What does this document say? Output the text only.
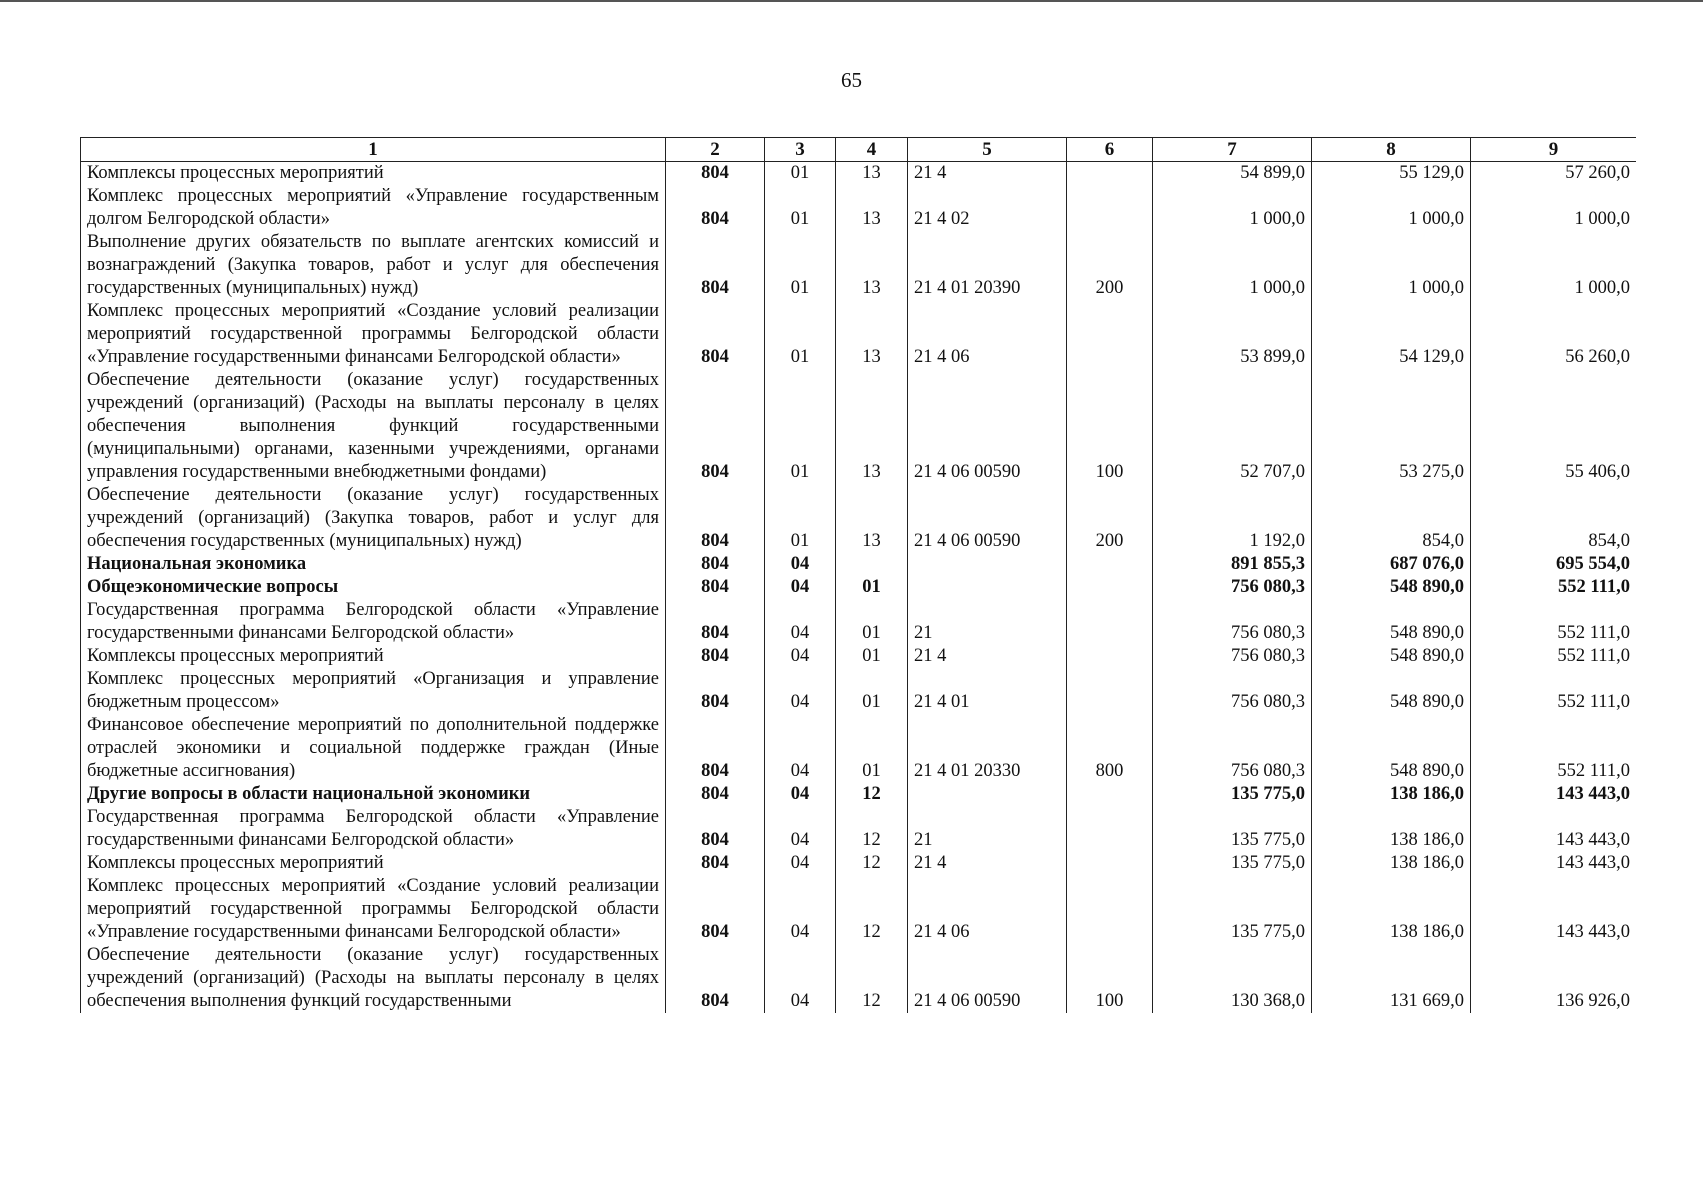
65
1	2	3	4	5	6	7	8	9
Комплексы процессных мероприятий	804	01	13	21 4		54 899,0	55 129,0	57 260,0
Комплекс процессных мероприятий «Управление государственным долгом Белгородской области»	804	01	13	21 4 02		1 000,0	1 000,0	1 000,0
Выполнение других обязательств по выплате агентских комиссий и вознаграждений (Закупка товаров, работ и услуг для обеспечения государственных (муниципальных) нужд)	804	01	13	21 4 01 20390	200	1 000,0	1 000,0	1 000,0
Комплекс процессных мероприятий «Создание условий реализации мероприятий государственной программы Белгородской области «Управление государственными финансами Белгородской области»	804	01	13	21 4 06		53 899,0	54 129,0	56 260,0
Обеспечение деятельности (оказание услуг) государственных учреждений (организаций) (Расходы на выплаты персоналу в целях обеспечения выполнения функций государственными (муниципальными) органами, казенными учреждениями, органами управления государственными внебюджетными фондами)	804	01	13	21 4 06 00590	100	52 707,0	53 275,0	55 406,0
Обеспечение деятельности (оказание услуг) государственных учреждений (организаций) (Закупка товаров, работ и услуг для обеспечения государственных (муниципальных) нужд)	804	01	13	21 4 06 00590	200	1 192,0	854,0	854,0
Национальная экономика	804	04				891 855,3	687 076,0	695 554,0
Общеэкономические вопросы	804	04	01			756 080,3	548 890,0	552 111,0
Государственная программа Белгородской области «Управление государственными финансами Белгородской области»	804	04	01	21		756 080,3	548 890,0	552 111,0
Комплексы процессных мероприятий	804	04	01	21 4		756 080,3	548 890,0	552 111,0
Комплекс процессных мероприятий «Организация и управление бюджетным процессом»	804	04	01	21 4 01		756 080,3	548 890,0	552 111,0
Финансовое обеспечение мероприятий по дополнительной поддержке отраслей экономики и социальной поддержке граждан (Иные бюджетные ассигнования)	804	04	01	21 4 01 20330	800	756 080,3	548 890,0	552 111,0
Другие вопросы в области национальной экономики	804	04	12			135 775,0	138 186,0	143 443,0
Государственная программа Белгородской области «Управление государственными финансами Белгородской области»	804	04	12	21		135 775,0	138 186,0	143 443,0
Комплексы процессных мероприятий	804	04	12	21 4		135 775,0	138 186,0	143 443,0
Комплекс процессных мероприятий «Создание условий реализации мероприятий государственной программы Белгородской области «Управление государственными финансами Белгородской области»	804	04	12	21 4 06		135 775,0	138 186,0	143 443,0
Обеспечение деятельности (оказание услуг) государственных учреждений (организаций) (Расходы на выплаты персоналу в целях обеспечения выполнения функций государственными	804	04	12	21 4 06 00590	100	130 368,0	131 669,0	136 926,0
